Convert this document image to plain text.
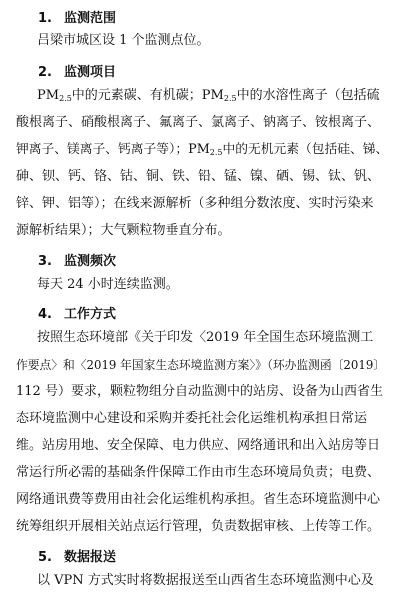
1. 监测范围
吕梁市城区设 1 个监测点位。
2. 监测项目
$PM_{2.5}$中的元素碳、有机碳；$PM_{2.5}$中的水溶性离子（包括硫
酸根离子、硝酸根离子、氟离子、氯离子、钠离子、铵根离子、
钾离子、镁离子、钙离子等）；$PM_{2.5}$中的无机元素（包括硅、锑、
砷、钡、钙、铬、钴、铜、铁、铅、锰、镍、硒、锡、钛、钒、
锌、钾、铝等）；在线来源解析（多种组分数浓度、实时污染来
源解析结果）；大气颗粒物垂直分布。
3. 监测频次
每天 24 小时连续监测。
4. 工作方式
按照生态环境部《关于印发〈2019 年全国生态环境监测工
作要点〉和〈2019 年国家生态环境监测方案〉》（环办监测函〔2019〕
112 号）要求，颗粒物组分自动监测中的站房、设备为山西省生
态环境监测中心建设和采购并委托社会化运维机构承担日常运
维。站房用地、安全保障、电力供应、网络通讯和出入站房等日
常运行所必需的基础条件保障工作由市生态环境局负责；电费、
网络通讯费等费用由社会化运维机构承担。省生态环境监测中心
统筹组织开展相关站点运行管理，负责数据审核、上传等工作。
5. 数据报送
以 VPN 方式实时将数据报送至山西省生态环境监测中心及
